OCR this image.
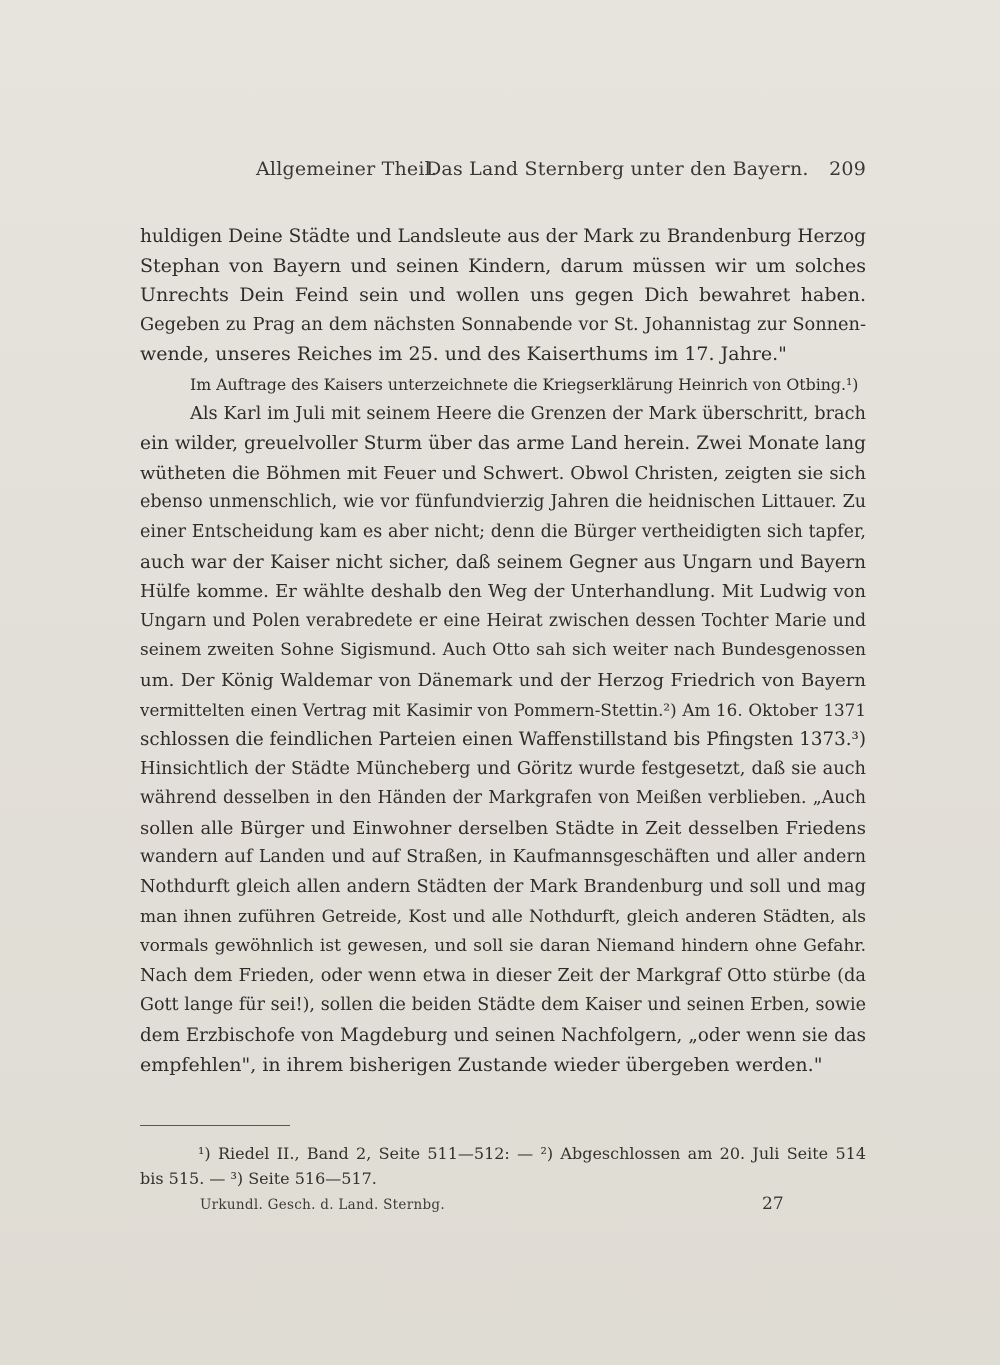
Allgemeiner Theil.
Das Land Sternberg unter den Bayern. 209
huldigen Deine Städte und Landsleute aus der Mark zu Brandenburg Herzog
Stephan von Bayern und seinen Kindern, darum müssen wir um solches
Unrechts Dein Feind sein und wollen uns gegen Dich bewahret haben.
Gegeben zu Prag an dem nächsten Sonnabende vor St. Johannistag zur Sonnen-
wende, unseres Reiches im 25. und des Kaiserthums im 17. Jahre."
Im Auftrage des Kaisers unterzeichnete die Kriegserklärung Heinrich von Otbing.¹)
Als Karl im Juli mit seinem Heere die Grenzen der Mark überschritt, brach
ein wilder, greuelvoller Sturm über das arme Land herein. Zwei Monate lang
wütheten die Böhmen mit Feuer und Schwert. Obwol Christen, zeigten sie sich
ebenso unmenschlich, wie vor fünfundvierzig Jahren die heidnischen Littauer. Zu
einer Entscheidung kam es aber nicht; denn die Bürger vertheidigten sich tapfer,
auch war der Kaiser nicht sicher, daß seinem Gegner aus Ungarn und Bayern
Hülfe komme. Er wählte deshalb den Weg der Unterhandlung. Mit Ludwig von
Ungarn und Polen verabredete er eine Heirat zwischen dessen Tochter Marie und
seinem zweiten Sohne Sigismund. Auch Otto sah sich weiter nach Bundesgenossen
um. Der König Waldemar von Dänemark und der Herzog Friedrich von Bayern
vermittelten einen Vertrag mit Kasimir von Pommern-Stettin.²) Am 16. Oktober 1371
schlossen die feindlichen Parteien einen Waffenstillstand bis Pfingsten 1373.³)
Hinsichtlich der Städte Müncheberg und Göritz wurde festgesetzt, daß sie auch
während desselben in den Händen der Markgrafen von Meißen verblieben. „Auch
sollen alle Bürger und Einwohner derselben Städte in Zeit desselben Friedens
wandern auf Landen und auf Straßen, in Kaufmannsgeschäften und aller andern
Nothdurft gleich allen andern Städten der Mark Brandenburg und soll und mag
man ihnen zuführen Getreide, Kost und alle Nothdurft, gleich anderen Städten, als
vormals gewöhnlich ist gewesen, und soll sie daran Niemand hindern ohne Gefahr.
Nach dem Frieden, oder wenn etwa in dieser Zeit der Markgraf Otto stürbe (da
Gott lange für sei!), sollen die beiden Städte dem Kaiser und seinen Erben, sowie
dem Erzbischofe von Magdeburg und seinen Nachfolgern, „oder wenn sie das
empfehlen", in ihrem bisherigen Zustande wieder übergeben werden."
¹) Riedel II., Band 2, Seite 511—512: — ²) Abgeschlossen am 20. Juli Seite 514
bis 515. — ³) Seite 516—517.
Urkundl. Gesch. d. Land. Sternbg.	27
